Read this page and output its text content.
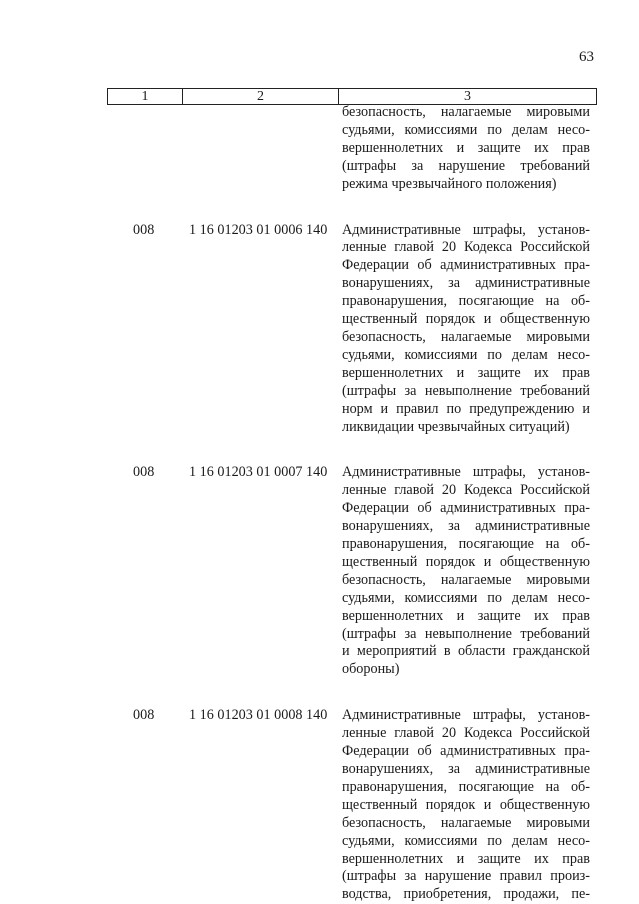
63
1	2	3
безопасность, налагаемые мировыми
судьями, комиссиями по делам несо-
вершеннолетних и защите их прав
(штрафы за нарушение требований
режима чрезвычайного положения)
008 1 16 01203 01 0006 140 Административные штрафы, установ-
ленные главой 20 Кодекса Российской
Федерации об административных пра-
вонарушениях, за административные
правонарушения, посягающие на об-
щественный порядок и общественную
безопасность, налагаемые мировыми
судьями, комиссиями по делам несо-
вершеннолетних и защите их прав
(штрафы за невыполнение требований
норм и правил по предупреждению и
ликвидации чрезвычайных ситуаций)
008 1 16 01203 01 0007 140 Административные штрафы, установ-
ленные главой 20 Кодекса Российской
Федерации об административных пра-
вонарушениях, за административные
правонарушения, посягающие на об-
щественный порядок и общественную
безопасность, налагаемые мировыми
судьями, комиссиями по делам несо-
вершеннолетних и защите их прав
(штрафы за невыполнение требований
и мероприятий в области гражданской
обороны)
008 1 16 01203 01 0008 140 Административные штрафы, установ-
ленные главой 20 Кодекса Российской
Федерации об административных пра-
вонарушениях, за административные
правонарушения, посягающие на об-
щественный порядок и общественную
безопасность, налагаемые мировыми
судьями, комиссиями по делам несо-
вершеннолетних и защите их прав
(штрафы за нарушение правил произ-
водства, приобретения, продажи, пе-
